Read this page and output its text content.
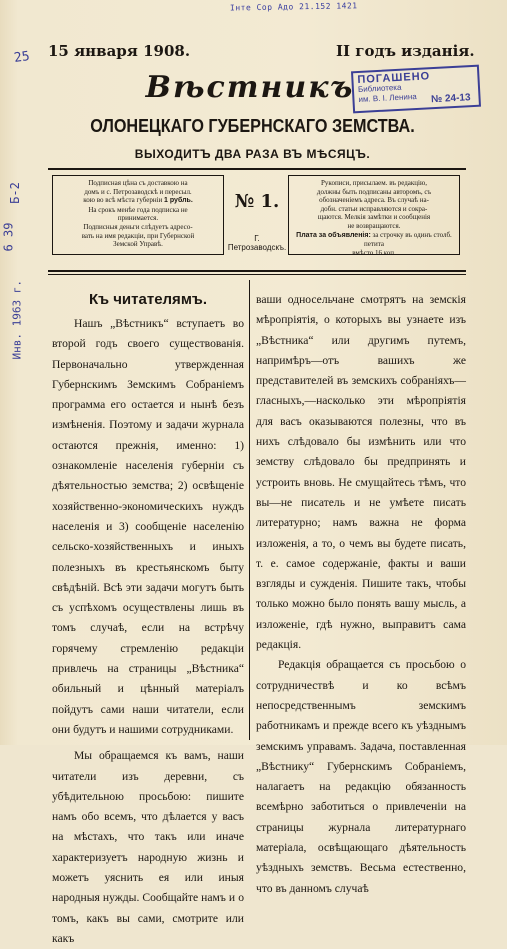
Інте Сор Адо 21.152 1421
25
Б-2
6 39
Инв. 1963 г.
15 января 1908.	II годъ изданія.
ПОГАШЕНО
Библиотека
им. В. І. Ленина	№ 24-13
Вѣстникъ
ОЛОНЕЦКАГО ГУБЕРНСКАГО ЗЕМСТВА.
ВЫХОДИТЪ ДВА РАЗА ВЪ МѢСЯЦЪ.
Подписная цѣна съ доставкою на
домъ и с. Петрозаводскѣ и пересыл.
кою во всѣ мѣста губерніи 1 рубль.
На срокъ менѣе года подписка не
принимается.
Подписныя деньги слѣдуетъ адресо-
вать на имя редакціи, при Губернской
Земской Управѣ.
№ 1.
Г. Петрозаводскъ.
Рукописи, присылаем. въ редакцію,
должны быть подписаны авторомъ, съ
обозначеніемъ адреса. Въ случаѣ на-
добн. статьи исправляются и сокра-
щаются. Мелкія замѣтки и сообщенія
не возвращаются.
Плата за объявленія: за строчку въ одинъ столб. петита
вмѣсто 16 коп.
Къ читателямъ.

Нашъ „Вѣстникъ“ вступаетъ во второй годъ своего существованія. Первоначально утвержденная Губернскимъ Земскимъ Собраніемъ программа его остается и нынѣ безъ измѣненія. Поэтому и задачи журнала остаются прежнія, именно: 1) ознакомленіе населенія губерніи съ дѣятельностью земства; 2) освѣщеніе хозяйственно-экономическихъ нуждъ населенія и 3) сообщеніе населенію сельско-хозяйственныхъ и иныхъ полезныхъ въ крестьянскомъ быту свѣдѣній. Всѣ эти задачи могутъ быть съ успѣхомъ осуществлены лишь въ томъ случаѣ, если на встрѣчу горячему стремленію редакціи привлечь на страницы „Вѣстника“ обильный и цѣнный матеріалъ пойдутъ сами наши читатели, если они будутъ и нашими сотрудниками.

Мы обращаемся къ вамъ, наши читатели изъ деревни, съ убѣдительною просьбою: пишите намъ обо всемъ, что дѣлается у васъ на мѣстахъ, что такъ или иначе характеризуетъ народную жизнь и можетъ уяснить ея или иныя народныя нужды. Сообщайте намъ и о томъ, какъ вы сами, смотрите или какъ

ваши односельчане смотрятъ на земскія мѣропріятія, о которыхъ вы узнаете изъ „Вѣстника“ или другимъ путемъ, напримѣръ—отъ вашихъ же представителей въ земскихъ собраніяхъ—гласныхъ,—насколько эти мѣропріятія для васъ оказываются полезны, что въ нихъ слѣдовало бы измѣнить или что земству слѣдовало бы предпринять и устроить вновь. Не смущайтесь тѣмъ, что вы—не писатель и не умѣете писать литературно; намъ важна не форма изложенія, а то, о чемъ вы будете писать, т. е. самое содержаніе, факты и ваши взгляды и сужденія. Пишите такъ, чтобы только можно было понять вашу мысль, а изложеніе, гдѣ нужно, выправитъ сама редакція.

Редакція обращается съ просьбою о сотрудничествѣ и ко всѣмъ непосредственнымъ земскимъ работникамъ и прежде всего къ уѣзднымъ земскимъ управамъ. Задача, поставленная „Вѣстнику“ Губернскимъ Собраніемъ, налагаетъ на редакцію обязанность всемѣрно заботиться о привлеченіи на страницы журнала литературнаго матеріала, освѣщающаго дѣятельность уѣздныхъ земствъ. Весьма естественно, что въ данномъ случаѣ
